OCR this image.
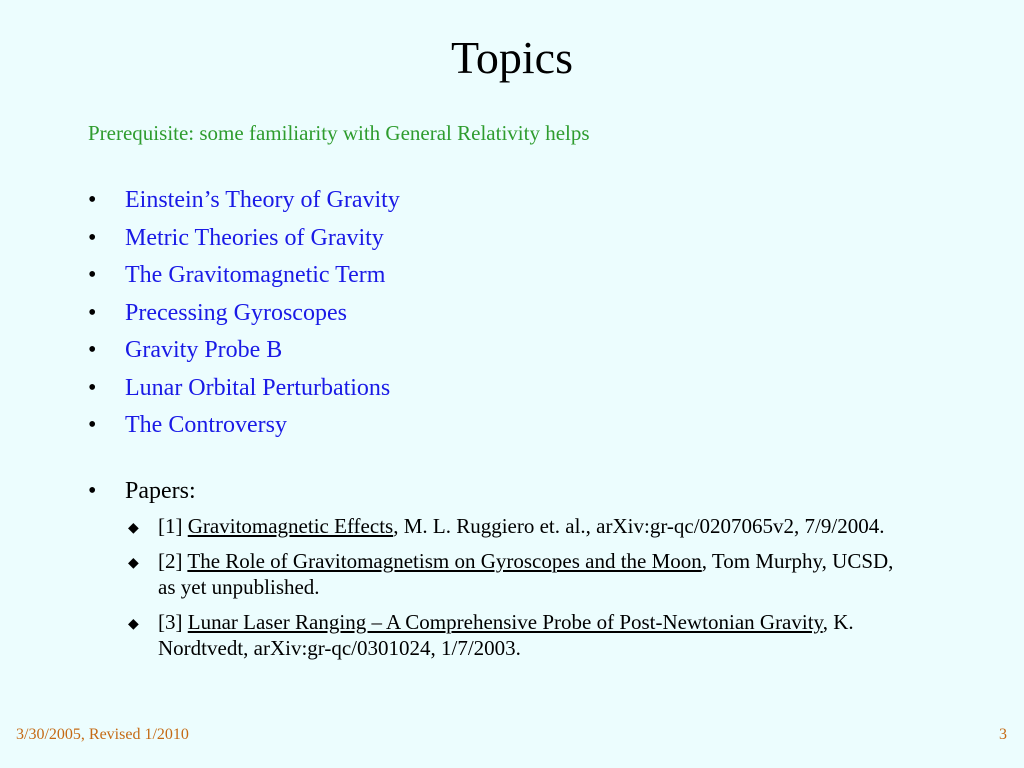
Topics
Prerequisite: some familiarity with General Relativity helps
• Einstein’s Theory of Gravity
• Metric Theories of Gravity
• The Gravitomagnetic Term
• Precessing Gyroscopes
• Gravity Probe B
• Lunar Orbital Perturbations
• The Controversy
• Papers:
◆ [1] Gravitomagnetic Effects, M. L. Ruggiero et. al., arXiv:gr-qc/0207065v2, 7/9/2004.
◆ [2] The Role of Gravitomagnetism on Gyroscopes and the Moon, Tom Murphy, UCSD, as yet unpublished.
◆ [3] Lunar Laser Ranging – A Comprehensive Probe of Post-Newtonian Gravity, K. Nordtvedt, arXiv:gr-qc/0301024, 1/7/2003.
3/30/2005, Revised 1/2010	3
